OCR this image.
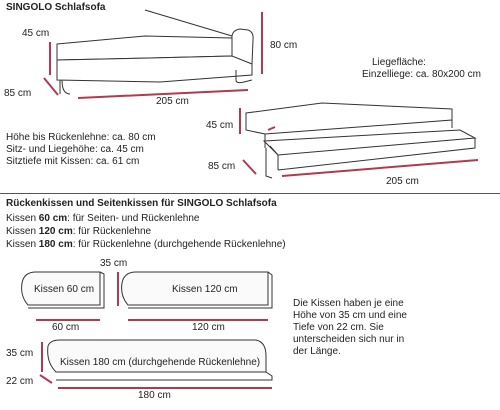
SINGOLO Schlafsofa
45 cm
80 cm
85 cm
205 cm
Höhe bis Rückenlehne: ca. 80 cm
Sitz- und Liegehöhe: ca. 45 cm
Sitztiefe mit Kissen: ca. 61 cm
Liegefläche:
Einzelliege: ca. 80x200 cm
45 cm
85 cm
205 cm
Rückenkissen und Seitenkissen für SINGOLO Schlafsofa
Kissen 60 cm: für Seiten- und Rückenlehne
Kissen 120 cm: für Rückenlehne
Kissen 180 cm: für Rückenlehne (durchgehende Rückenlehne)
35 cm
Kissen 60 cm	Kissen 120 cm
60 cm	120 cm
35 cm
Kissen 180 cm (durchgehende Rückenlehne)
22 cm
180 cm
Die Kissen haben je eine
Höhe von 35 cm und eine
Tiefe von 22 cm. Sie
unterscheiden sich nur in
der Länge.
